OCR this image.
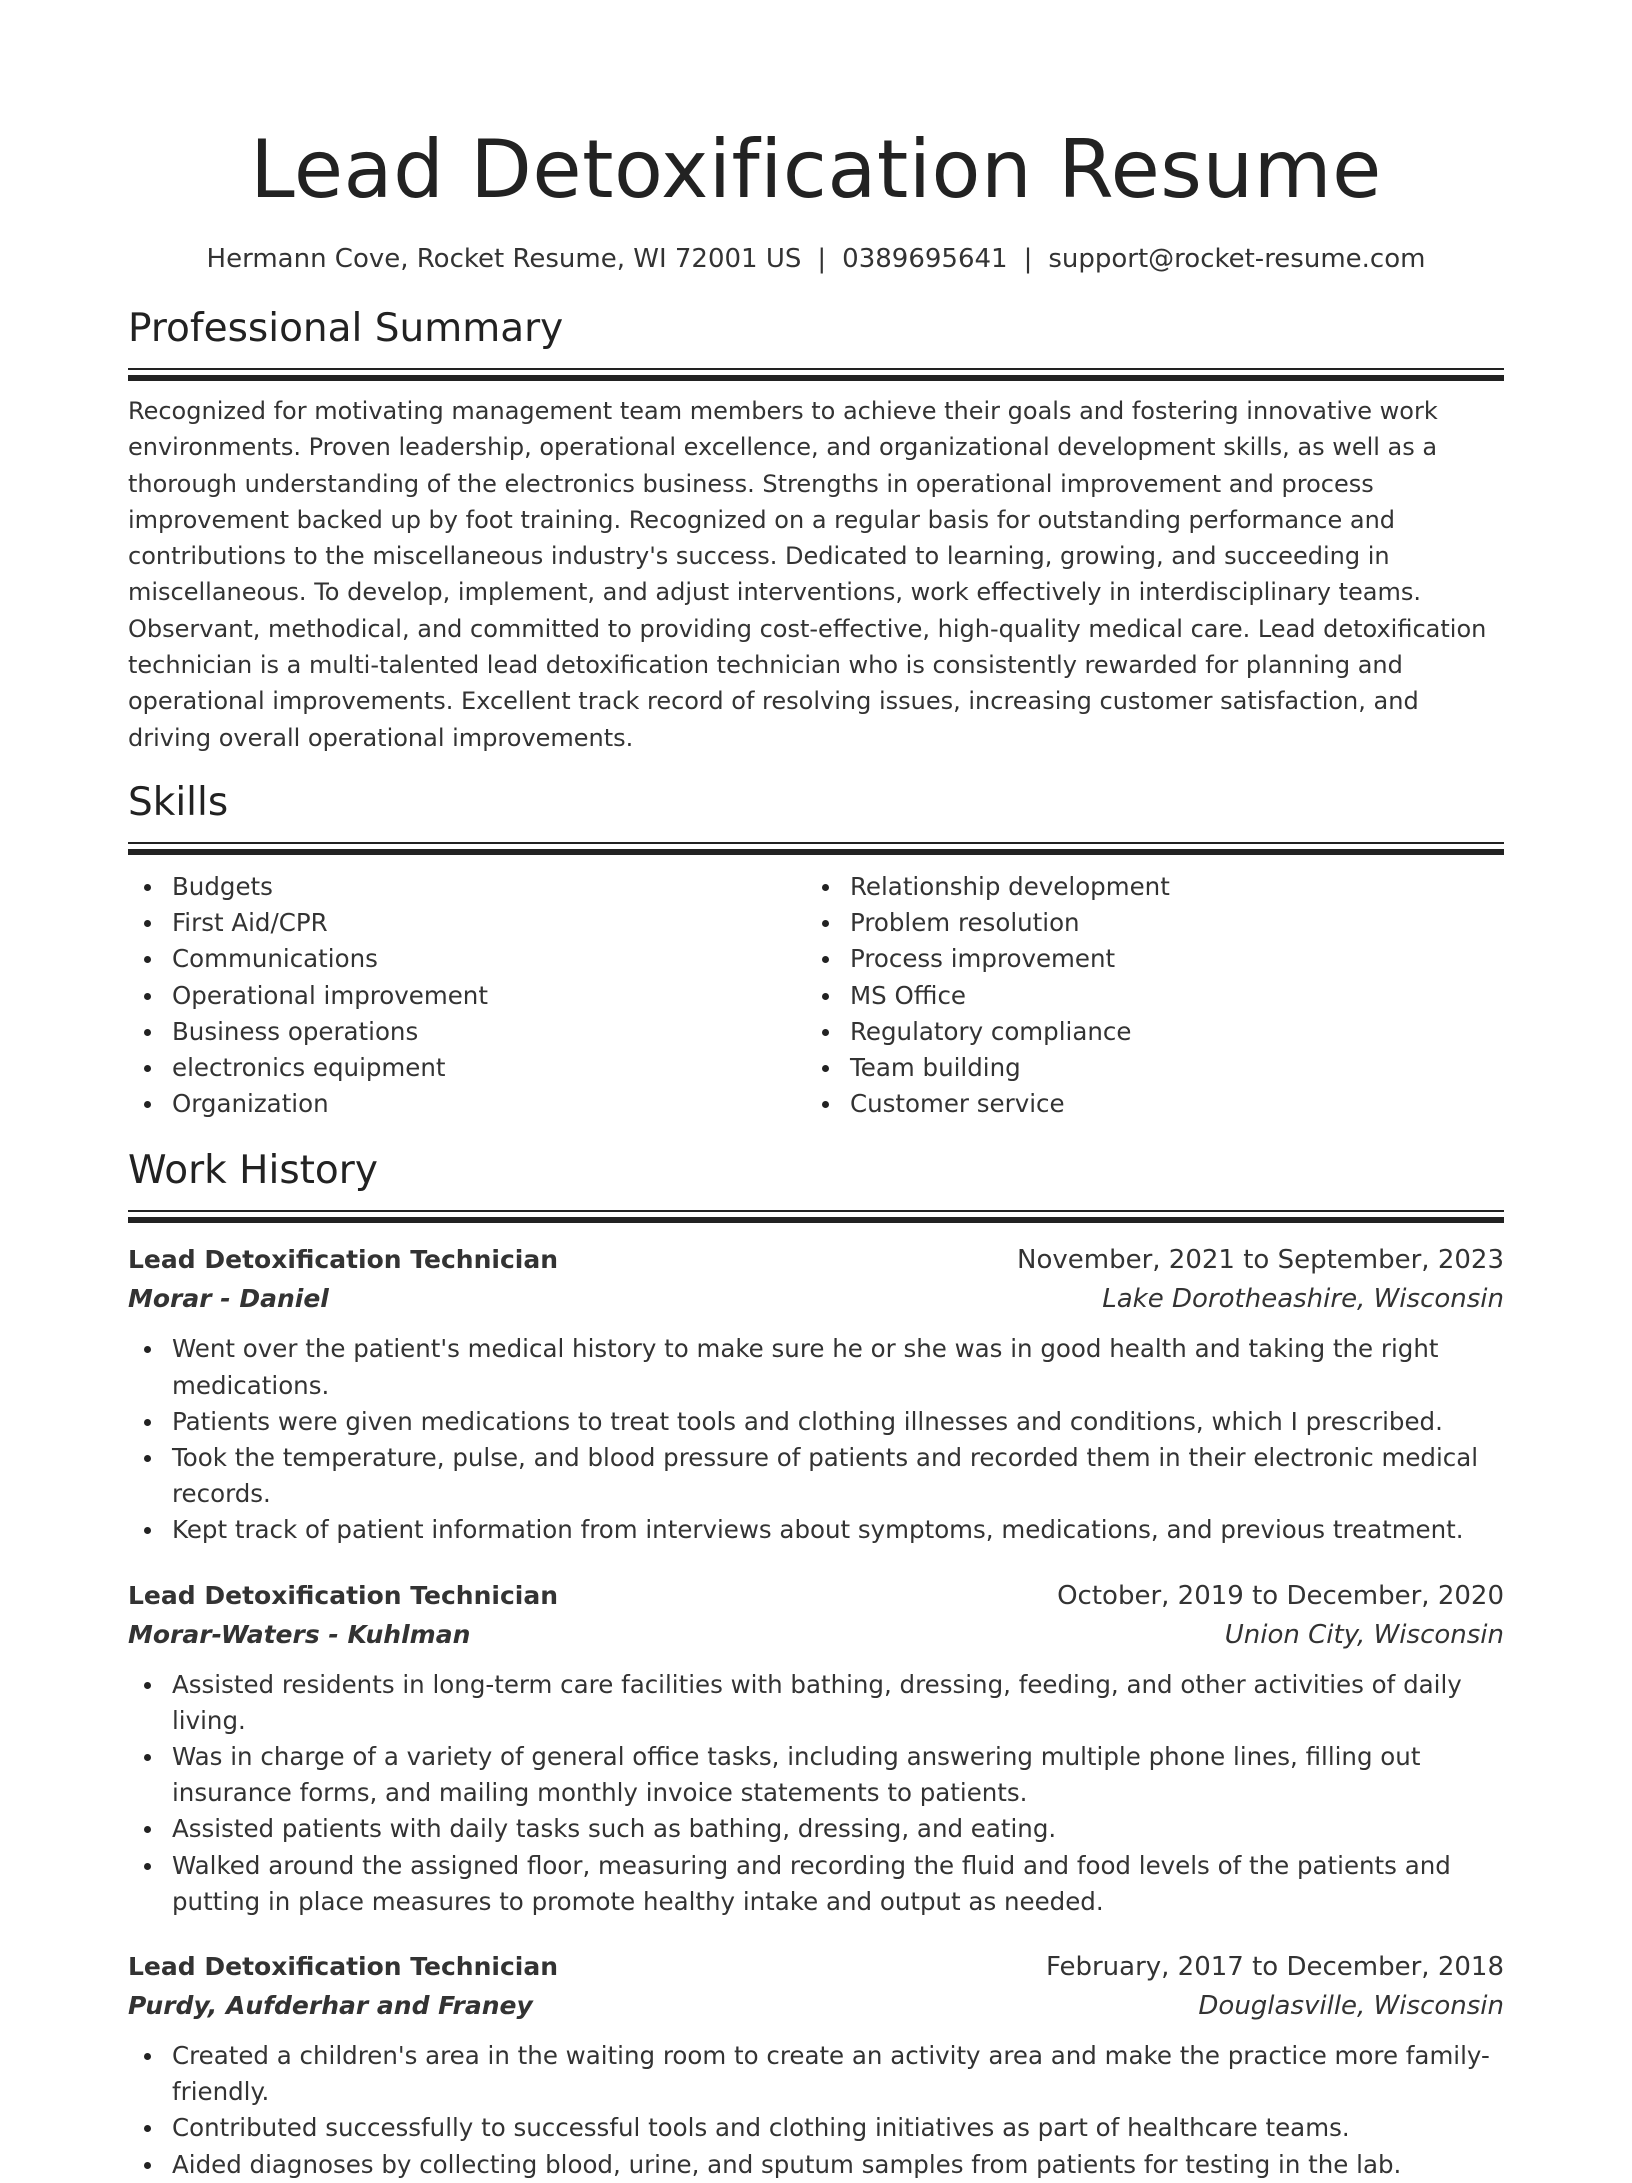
Lead Detoxification Resume
Hermann Cove, Rocket Resume, WI 72001 US | 0389695641 | support@rocket-resume.com
Professional Summary

Recognized for motivating management team members to achieve their goals and fostering innovative work environments. Proven leadership, operational excellence, and organizational development skills, as well as a thorough understanding of the electronics business. Strengths in operational improvement and process improvement backed up by foot training. Recognized on a regular basis for outstanding performance and contributions to the miscellaneous industry's success. Dedicated to learning, growing, and succeeding in miscellaneous. To develop, implement, and adjust interventions, work effectively in interdisciplinary teams. Observant, methodical, and committed to providing cost-effective, high-quality medical care. Lead detoxification technician is a multi-talented lead detoxification technician who is consistently rewarded for planning and operational improvements. Excellent track record of resolving issues, increasing customer satisfaction, and driving overall operational improvements.

Skills
Budgets
First Aid/CPR
Communications
Operational improvement
Business operations
electronics equipment
Organization
Relationship development
Problem resolution
Process improvement
MS Office
Regulatory compliance
Team building
Customer service
Work History
Lead Detoxification Technician	November, 2021 to September, 2023
Morar - Daniel	Lake Dorotheashire, Wisconsin
Went over the patient's medical history to make sure he or she was in good health and taking the right medications.
Patients were given medications to treat tools and clothing illnesses and conditions, which I prescribed.
Took the temperature, pulse, and blood pressure of patients and recorded them in their electronic medical records.
Kept track of patient information from interviews about symptoms, medications, and previous treatment.
Lead Detoxification Technician	October, 2019 to December, 2020
Morar-Waters - Kuhlman	Union City, Wisconsin
Assisted residents in long-term care facilities with bathing, dressing, feeding, and other activities of daily living.
Was in charge of a variety of general office tasks, including answering multiple phone lines, filling out insurance forms, and mailing monthly invoice statements to patients.
Assisted patients with daily tasks such as bathing, dressing, and eating.
Walked around the assigned floor, measuring and recording the fluid and food levels of the patients and putting in place measures to promote healthy intake and output as needed.
Lead Detoxification Technician	February, 2017 to December, 2018
Purdy, Aufderhar and Franey	Douglasville, Wisconsin
Created a children's area in the waiting room to create an activity area and make the practice more family-friendly.
Contributed successfully to successful tools and clothing initiatives as part of healthcare teams.
Aided diagnoses by collecting blood, urine, and sputum samples from patients for testing in the lab.
